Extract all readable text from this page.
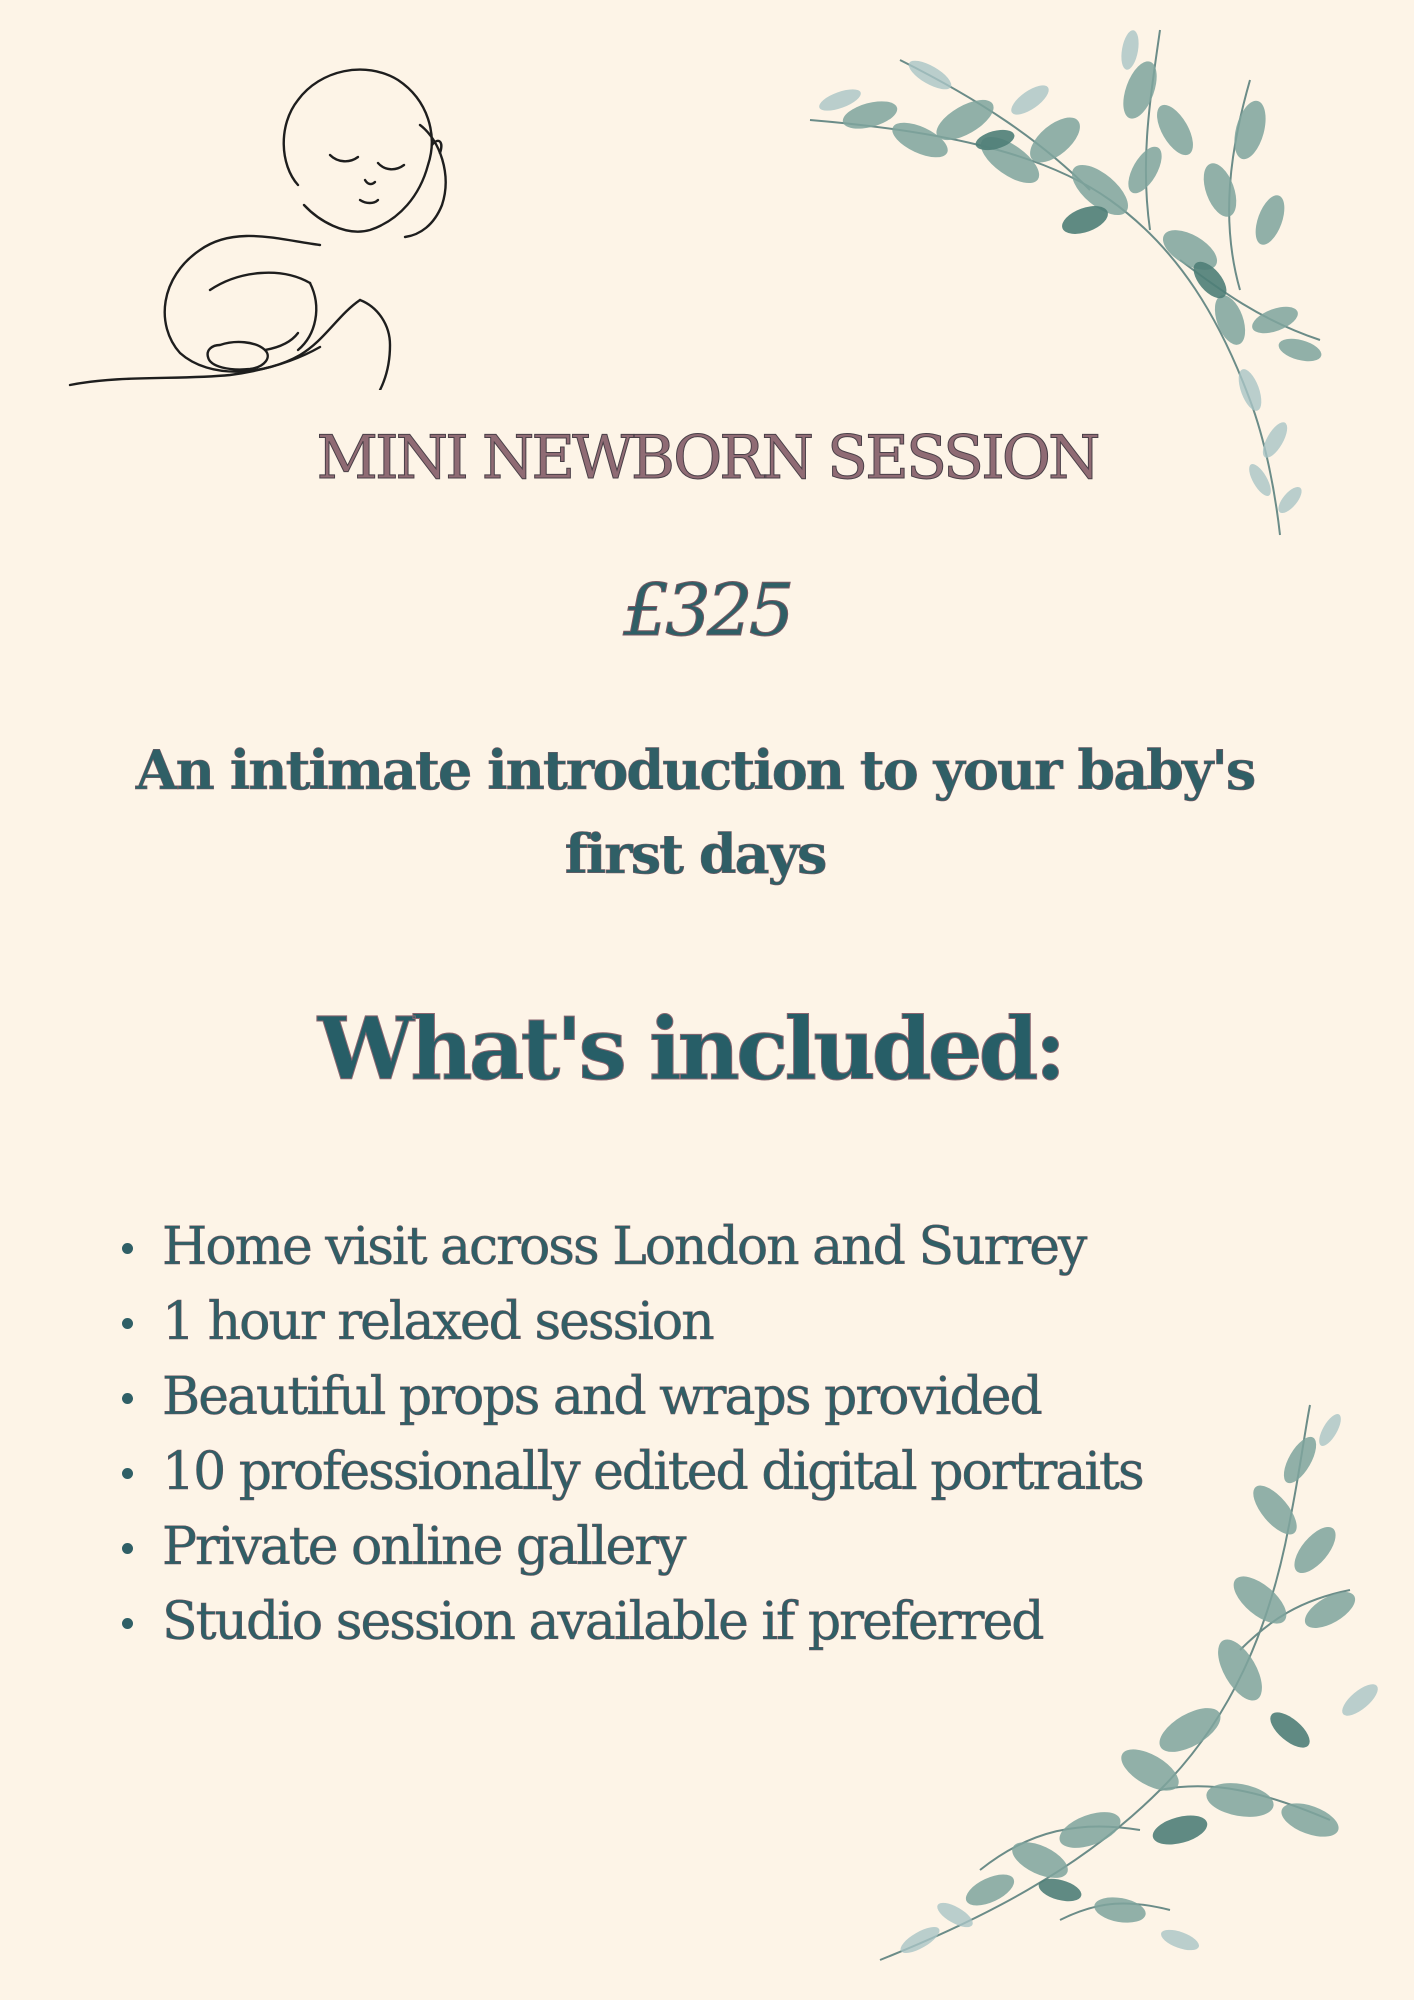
MINI NEWBORN SESSION
£325

An intimate introduction to your baby's first days

What's included:
Home visit across London and Surrey
1 hour relaxed session
Beautiful props and wraps provided
10 professionally edited digital portraits
Private online gallery
Studio session available if preferred
